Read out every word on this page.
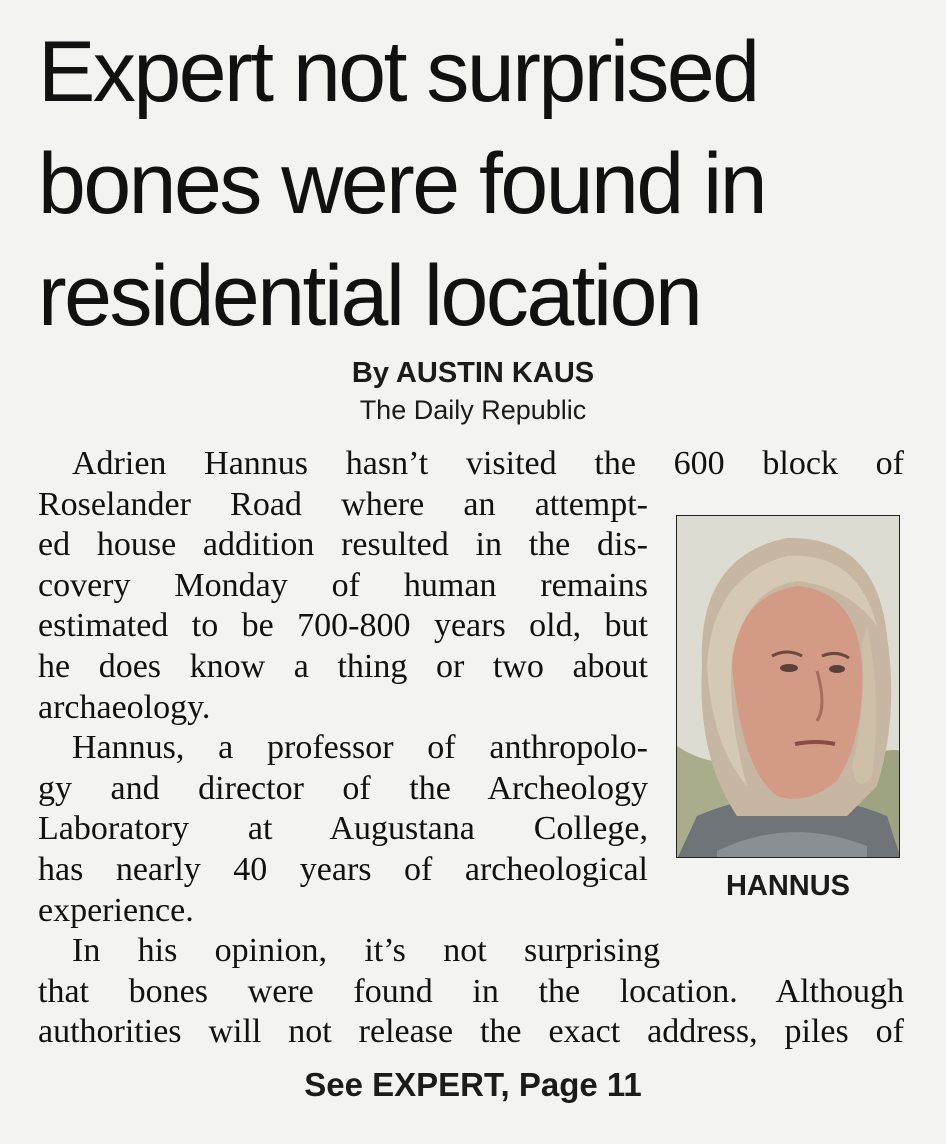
Expert not surprised
bones were found in
residential location
By AUSTIN KAUS
The Daily Republic
Adrien Hannus hasn’t visited the 600 block of
Roselander Road where an attempt-
ed house addition resulted in the dis-
covery Monday of human remains
estimated to be 700-800 years old, but
he does know a thing or two about
archaeology.
Hannus, a professor of anthropolo-
gy and director of the Archeology
Laboratory at Augustana College,
has nearly 40 years of archeological
experience.
In his opinion, it’s not surprising
that bones were found in the location. Although
authorities will not release the exact address, piles of
HANNUS
See EXPERT, Page 11
